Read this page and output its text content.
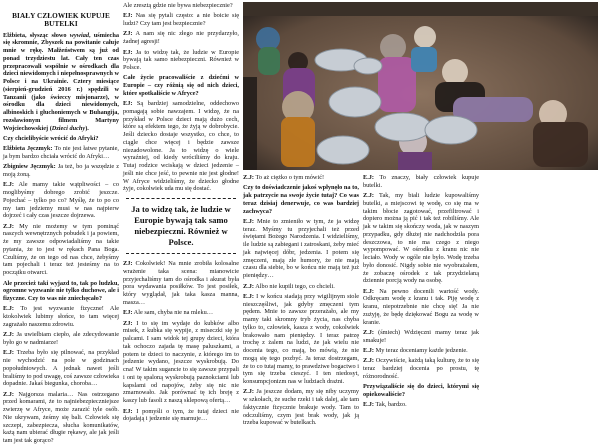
BIAŁY CZŁOWIEK KUPUJE BUTELKI

Elżbieta, słysząc słowo wywiad, uśmiecha się skromnie, Zbyszek na powitanie całuje mnie w rękę. Małżeństwem są już od ponad trzydziestu lat. Cały ten czas przepracowali wspólnie w ośrodkach dla dzieci niewidomych i niepełnosprawnych w Polsce i na Ukrainie. Cztery miesiące (sierpień-grudzień 2016 r.) spędzili w Tanzanii (jako świeccy misjonarze), w ośrodku dla dzieci niewidomych, albinoskich i głuchoniemych w Buhangija, rozsławionym filmem Martyny Wojciechowskiej (Dzieci duchy).

Czy chcielibyście wrócić do Afryki?

Elżbieta Jęczmyk: To nie jest łatwe pytanie, ja bym bardzo chciała wrócić do Afryki…

Zbigniew Jęczmyk: Ja też, bo ja wszędzie z moją żoną.

E.J: Ale mamy takie wątpliwości – co moglibyśmy dobrego zrobić jeszcze. Pojechać – tylko po co? Myślę, że to po co my tam jedziemy musi w nas najpierw dojrzeć i cały czas jeszcze dojrzewa.

Z.J: My nie możemy w tym pominąć naszych wewnętrznych pobudek i ja powiem, że my zawsze odpowiadaliśmy na takie pytania, że to jest w rękach Pana Boga. Czuliśmy, że on tego od nas chce, żebyśmy tam pojechali i teraz też jesteśmy na to początku otwarci.

Ale przecież taki wyjazd to, tak po ludzku, ogromne wyzwanie nie tylko duchowe, ale i fizyczne. Czy to was nie zniechęcało?

E.J: To jest wyzwanie fizyczne! Ale ktokolwiek lubimy słońce, to tam więcej zagrażało naszemu zdrowiu.

Z.J: Ja uwielbiam ciepło, ale zdecydowanie było go w nadmiarze!

E.J: Trzeba było się pilnować, na przykład nie wychodzić na pole w godzinach popołudniowych. A jednak nawet jeśli braliśmy to pod uwagę, coś zawsze człowieka dopadnie. Jakaś biegunka, choroba…

Z.J: Najgorsza malaria… Nas ostrzegano przed komarami, że to najniebezpieczniejsze zwierzę w Afryce, może zarazić tyle osób. Nie ukrywam, żeśmy się bali. Człowiek się szczepi, zabezpiecza, słucha komunikatów, każą nam ubierać długie rękawy, ale jak jeśli tam jest tak gorąco?

Ale zresztą gdzie nie bywa niebezpiecznie?

EJ: Nas się pytali często: a nie boicie się ludzi? Czy tam jest bezpiecznie?

ZJ: A nam się nic złego nie przydarzyło, żadnej agresji!

EJ: Ja to widzę tak, że ludzie w Europie bywają tak samo niebezpieczni. Również w Polsce.

Całe życie pracowaliście z dziećmi w Europie – czy różnią się od nich dzieci, które spotkaliście w Afryce?

EJ: Są bardziej samodzielne, oddechowo pomagają sobie nawzajem. I widzę, że na przykład w Polsce dzieci mają dużo cech, które są efektem tego, że żyją w dobrobycie. Jeśli dziecko dostaje wszystko, co chce, to ciągle chce więcej i będzie zawsze niezadowolone. Ja to widzę o wiele wyraźniej, od kiedy wróciliśmy do kraju. Tutaj rodzice wciskają w dzieci jedzenie – jeśli nie chce jeść, to pewnie nie jest głodne! W Afryce widzieliśmy, że dziecko głodne żyje, cokolwiek uda mu się dostać.

Ja to widzę tak, że ludzie w Europie bywają tak samo niebezpieczni. Również w Polsce.

ZJ: Cokolwiek! Na mnie zrobiła kolosalne wrażenie taka scena: mianowicie przyjechaliśmy tam do ośrodka i akurat była pora wydawania posiłków. To jest posiłek, który wyglądał, jak taka kasza manna, masza…

EJ: Ale sam, chyba nie na mleku…

ZJ: I to się im wydaje do kubków albo misek, z kubka się wypije, z miseczki się je palcami. I sam widok tej grupy dzieci, która tak ochoczo zajada tę masę paluszkami, a potem te dzieci to naczynie, z którego im to jedzenie wydano, jeszcze wyskrobują. Do cna! W takim sugancie to się zawsze przypali i oni tę spaloną wyskrobują paznokciami lub kapslami od napojów, żeby się nic nie zmarnowało. Jak porównać tę ich breję z kaszy lub fasoli z naszą sklepową ofertą…

EJ: I pomyśli o tym, że tutaj dzieci nie dojadają i jedzenie się marnuje…

Z.J: To aż ciężko o tym mówić!

Czy to doświadczenie jakoś wpłynęło na to, jak patrzycie na swoje życie tutaj? Co was teraz dzisiaj denerwuje, co was bardziej zachwyca?

E.J: Mnie to zmieniło w tym, że ja widzę teraz. Myśmy tu przyjechali też przed świętami Bożego Narodzenia. I widzieliśmy, ile ludzie są zabiegani i zatroskani, żeby mieć jak najwięcej dóbr, jedzenia. I potem się zmęczeni, mają złe humory, że nie mają czasu dla siebie, bo w końcu nie mają też już pieniędzy…

Z.J: Albo nie kupili tego, co chcieli.

E.J: I w końcu siadają przy wigilijnym stole nieszczęśliwi, jak gdyby zmęczeni tym pędem. Mnie to zawsze przerażało, ale my mamy taki skromny tryb życia, nas chyba tylko to, człowiek, kasza z wody, cokolwiek brakowało nam pieniędzy. I teraz patrzę trochę z żalem na ludzi, że jak wielu nie docenia tego, co mają, bo mówią, że nie mogą się tego pozbyć. Ja teraz dostrzegam, że to co tutaj mamy, to prawdziwe bogactwo i tym się trzeba cieszyć. I ten niedosyt, konsumpcjonizm nas w ludziach drażni.

Z.J: Ja jeszcze dodam, my się niby uczymy w szkołach, że suche rzeki i tak dalej, ale tam faktycznie fizycznie brakuje wody. Tam to odczuliśmy, czym jest brak wody, jak ją trzeba kupować w butelkach.

E.J: To znaczy, biały człowiek kupuje butelki.

Z.J: Tak, my biali ludzie kupowaliśmy butelki, a miejscowi tę wodę, co się ma w takim błocie zagotować, przefiltrować i dopiero można ją pić i tak też robiliśmy. Ale jak w takim się skończy woda, jak w naszym przypadku, gdy dłużej nie nadchodziła pora deszczowa, to nie ma czego z niego wypompować. W ośrodku z kranu nic nie leciało. Wody w ogóle nie było. Wodę trzeba było donosić. Nigdy sobie nie wyobrażałem, że zobaczę ośrodek z tak przydzielaną dziennie porcją wody na osobę.

E.J: Na pewno docenili wartość wody. Odkręcam wodę z kranu i tak. Piję wodę z kranu, niepotrzebnie nie chcę się! Ja nie zużyję, że będę dziękować Bogu za wodę w kranie.

Z.J: (śmiech) Wdzięczni mamy teraz jak smakuje!

E.J: My teraz doceniamy każde jedzenie.

Z.J: Oczywiście, każdą taką kulturę, że to się teraz bardziej docenia po prostu, tę różnorodność.

Przywiązaliście się do dzieci, którymi się opiekowaliście?

E.J: Tak, bardzo.
